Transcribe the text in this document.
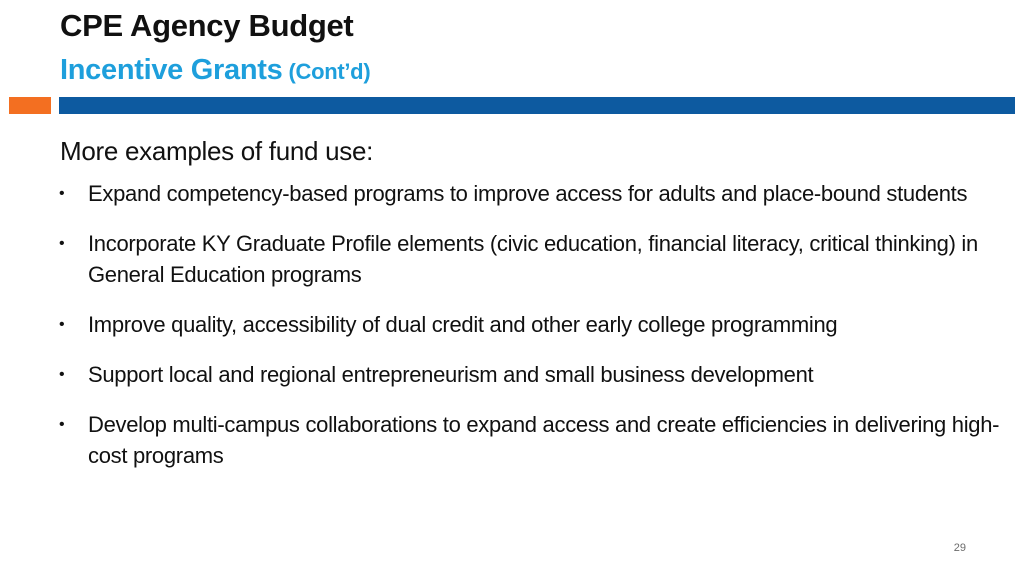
CPE Agency Budget
Incentive Grants (Cont’d)
More examples of fund use:
• Expand competency-based programs to improve access for adults and place-bound students
• Incorporate KY Graduate Profile elements (civic education, financial literacy, critical thinking) in General Education programs
• Improve quality, accessibility of dual credit and other early college programming
• Support local and regional entrepreneurism and small business development
• Develop multi-campus collaborations to expand access and create efficiencies in delivering high-cost programs
29
